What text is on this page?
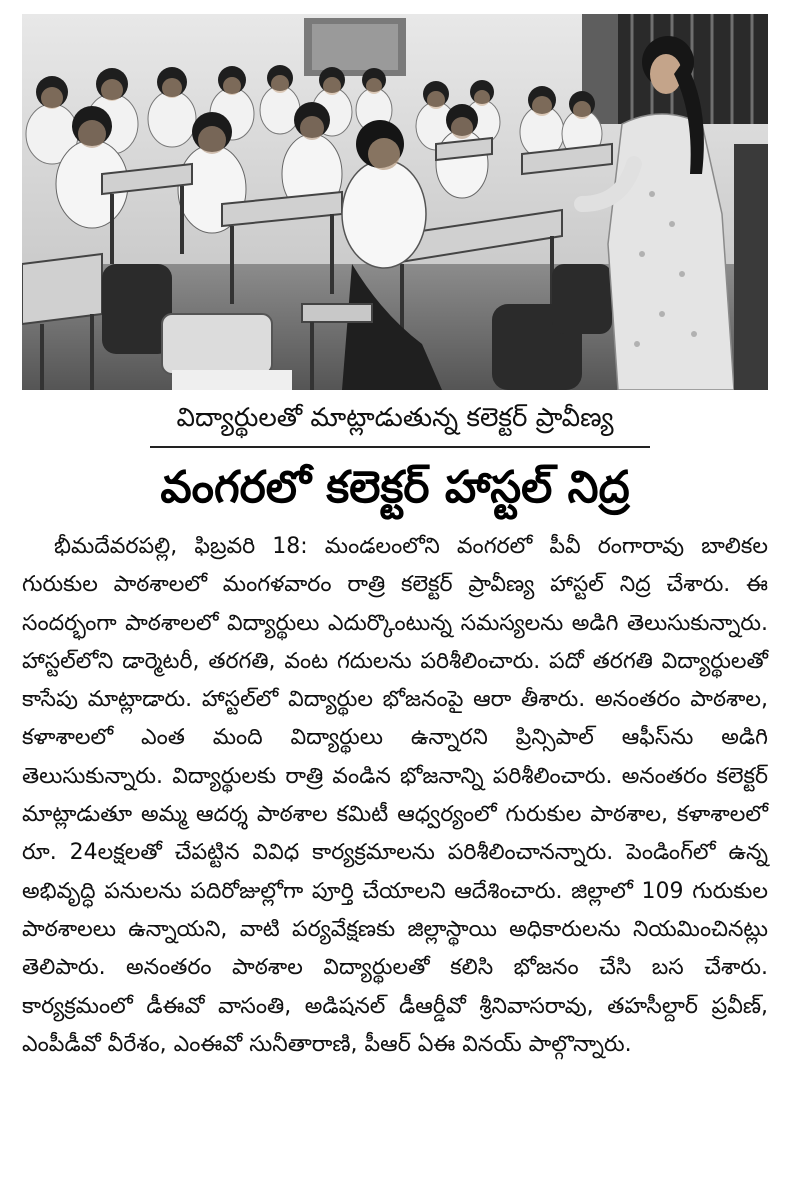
విద్యార్థులతో మాట్లాడుతున్న కలెక్టర్ ప్రావీణ్య
వంగరలో కలెక్టర్ హాస్టల్ నిద్ర

భీమదేవరపల్లి, ఫిబ్రవరి 18: మండలంలోని వంగరలో పీవీ రంగారావు బాలికల గురుకుల పాఠశాలలో మంగళవారం రాత్రి కలెక్టర్ ప్రావీణ్య హాస్టల్ నిద్ర చేశారు. ఈ సందర్భంగా పాఠశాలలో విద్యార్థులు ఎదుర్కొంటున్న సమస్యలను అడిగి తెలుసుకున్నారు. హాస్టల్‌లోని డార్మెటరీ, తరగతి, వంట గదులను పరిశీలించారు. పదో తరగతి విద్యార్థులతో కాసేపు మాట్లాడారు. హాస్టల్‌లో విద్యార్థుల భోజనంపై ఆరా తీశారు. అనంతరం పాఠశాల, కళాశాలలో ఎంత మంది విద్యార్థులు ఉన్నారని ప్రిన్సిపాల్ ఆఫీస్‌ను అడిగి తెలుసుకున్నారు. విద్యార్థులకు రాత్రి వండిన భోజనాన్ని పరిశీలించారు. అనంతరం కలెక్టర్ మాట్లాడుతూ అమ్మ ఆదర్శ పాఠశాల కమిటీ ఆధ్వర్యంలో గురుకుల పాఠశాల, కళాశాలలో రూ. 24లక్షలతో చేపట్టిన వివిధ కార్యక్రమాలను పరిశీలించానన్నారు. పెండింగ్‌లో ఉన్న అభివృద్ధి పనులను పదిరోజుల్లోగా పూర్తి చేయాలని ఆదేశించారు. జిల్లాలో 109 గురుకుల పాఠశాలలు ఉన్నాయని, వాటి పర్యవేక్షణకు జిల్లాస్థాయి అధికారులను నియమించినట్లు తెలిపారు. అనంతరం పాఠశాల విద్యార్థులతో కలిసి భోజనం చేసి బస చేశారు. కార్యక్రమంలో డీఈవో వాసంతి, అడిషనల్ డీఆర్డీవో శ్రీనివాసరావు, తహసీల్దార్ ప్రవీణ్, ఎంపీడీవో వీరేశం, ఎంఈవో సునీతారాణి, పీఆర్ ఏఈ వినయ్ పాల్గొన్నారు.
